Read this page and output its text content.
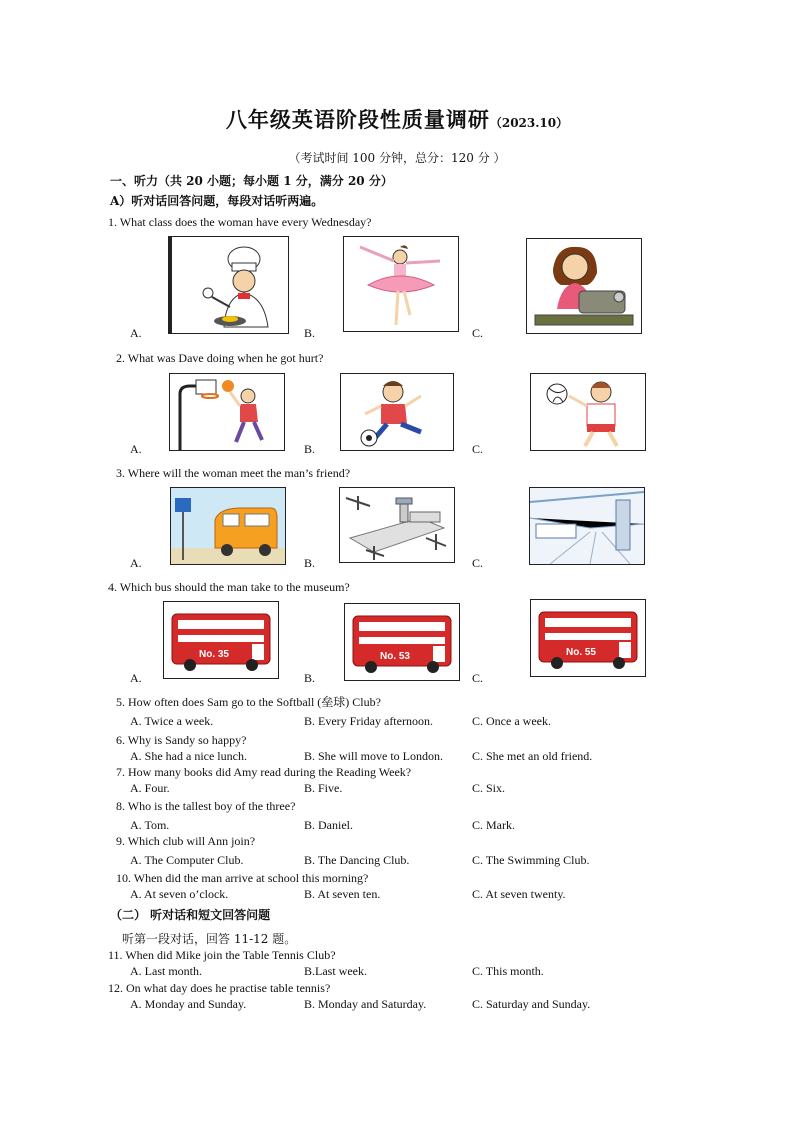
八年级英语阶段性质量调研（2023.10）
（考试时间 100 分钟，总分：120 分 ）
一、听力（共 20 小题；每小题 1 分，满分 20 分）
A）听对话回答问题，每段对话听两遍。
1. What class does the woman have every Wednesday?
A.	B.	C.
2. What was Dave doing when he got hurt?
A.	B.	C.
3. Where will the woman meet the man’s friend?
A.	B.	C.
4. Which bus should the man take to the museum?
A.	B.	C.
No. 35	No. 53	No. 55
5. How often does Sam go to the Softball (垒球) Club?
A. Twice a week.	B. Every Friday afternoon.	C. Once a week.
6. Why is Sandy so happy?
A. She had a nice lunch.	B. She will move to London. C. She met an old friend.
7. How many books did Amy read during the Reading Week?
A. Four.	B. Five.	C. Six.
8. Who is the tallest boy of the three?
A. Tom.	B. Daniel.	C. Mark.
9. Which club will Ann join?
A. The Computer Club.	B. The Dancing Club.	C. The Swimming Club.
10. When did the man arrive at school this morning?
A. At seven o’clock.	B. At seven ten.	C. At seven twenty.
（二） 听对话和短文回答问题
听第一段对话，回答 11-12 题。
11. When did Mike join the Table Tennis Club?
A. Last month.	B.Last week.	C. This month.
12. On what day does he practise table tennis?
A. Monday and Sunday.	B. Monday and Saturday.	C. Saturday and Sunday.
